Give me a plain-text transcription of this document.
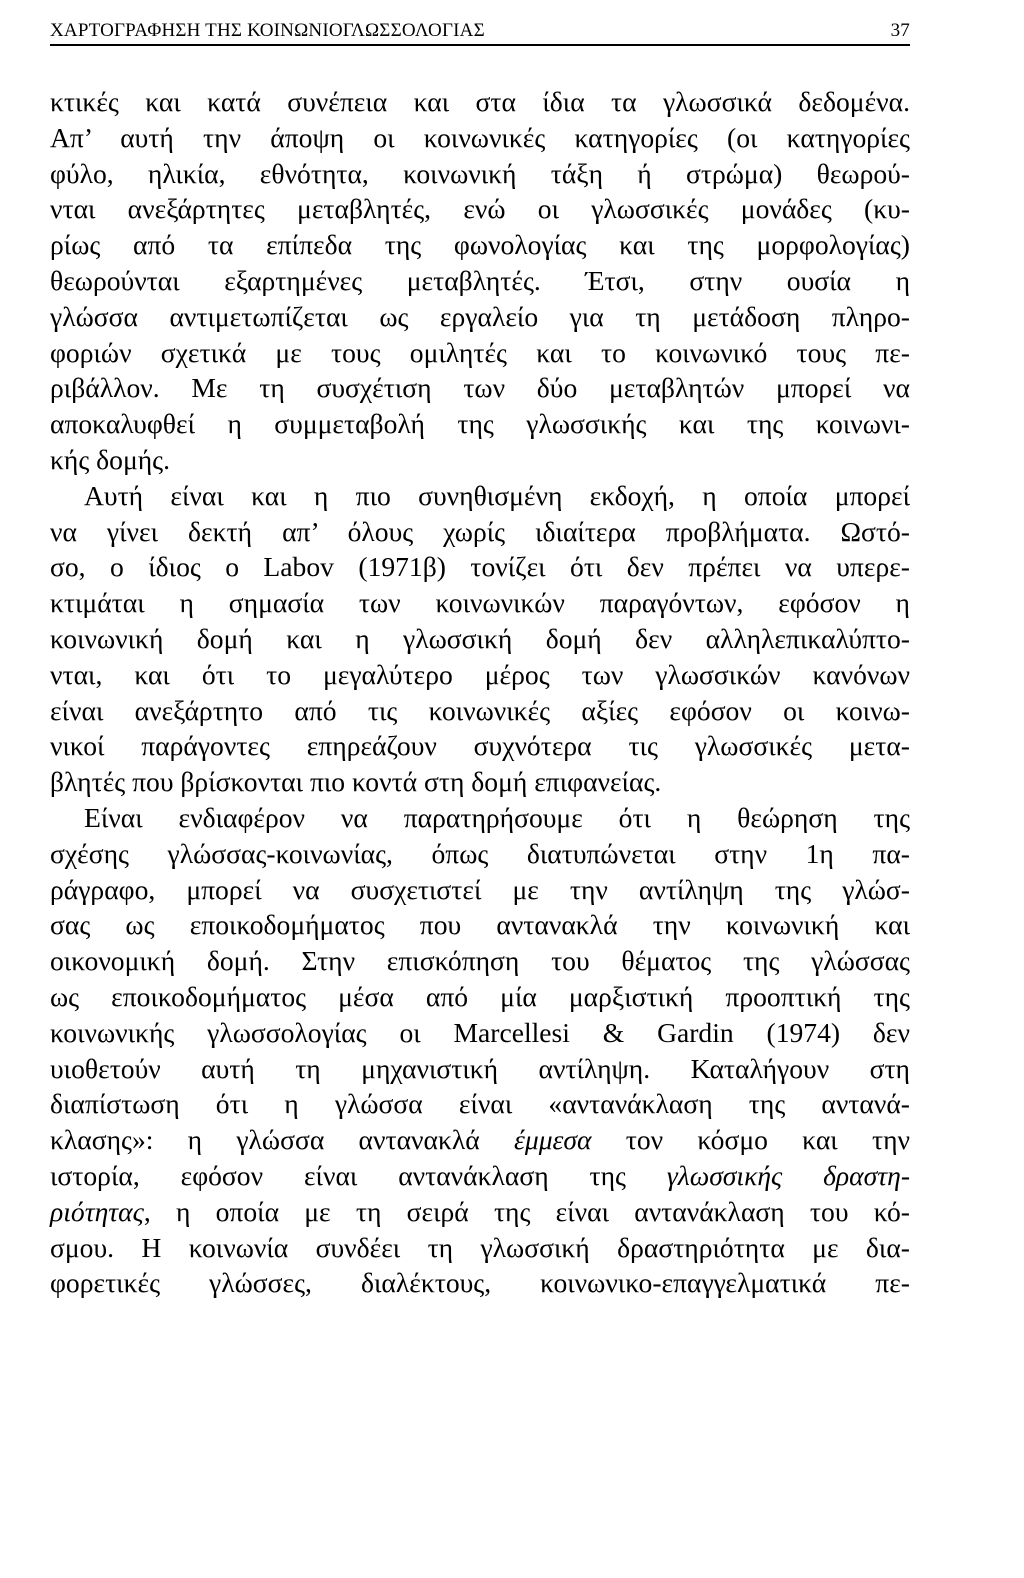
ΧΑΡΤΟΓΡΑΦΗΣΗ ΤΗΣ ΚΟΙΝΩΝΙΟΓΛΩΣΣΟΛΟΓΙΑΣ	37
κτικές και κατά συνέπεια και στα ίδια τα γλωσσικά δεδομένα.
Απ’ αυτή την άποψη οι κοινωνικές κατηγορίες (οι κατηγορίες
φύλο, ηλικία, εθνότητα, κοινωνική τάξη ή στρώμα) θεωρού-
νται ανεξάρτητες μεταβλητές, ενώ οι γλωσσικές μονάδες (κυ-
ρίως από τα επίπεδα της φωνολογίας και της μορφολογίας)
θεωρούνται εξαρτημένες μεταβλητές. Έτσι, στην ουσία η
γλώσσα αντιμετωπίζεται ως εργαλείο για τη μετάδοση πληρο-
φοριών σχετικά με τους ομιλητές και το κοινωνικό τους πε-
ριβάλλον. Με τη συσχέτιση των δύο μεταβλητών μπορεί να
αποκαλυφθεί η συμμεταβολή της γλωσσικής και της κοινωνι-
κής δομής.
Αυτή είναι και η πιο συνηθισμένη εκδοχή, η οποία μπορεί
να γίνει δεκτή απ’ όλους χωρίς ιδιαίτερα προβλήματα. Ωστό-
σο, ο ίδιος ο Labov (1971β) τονίζει ότι δεν πρέπει να υπερε-
κτιμάται η σημασία των κοινωνικών παραγόντων, εφόσον η
κοινωνική δομή και η γλωσσική δομή δεν αλληλεπικαλύπτο-
νται, και ότι το μεγαλύτερο μέρος των γλωσσικών κανόνων
είναι ανεξάρτητο από τις κοινωνικές αξίες εφόσον οι κοινω-
νικοί παράγοντες επηρεάζουν συχνότερα τις γλωσσικές μετα-
βλητές που βρίσκονται πιο κοντά στη δομή επιφανείας.
Είναι ενδιαφέρον να παρατηρήσουμε ότι η θεώρηση της
σχέσης γλώσσας-κοινωνίας, όπως διατυπώνεται στην 1η πα-
ράγραφο, μπορεί να συσχετιστεί με την αντίληψη της γλώσ-
σας ως εποικοδομήματος που αντανακλά την κοινωνική και
οικονομική δομή. Στην επισκόπηση του θέματος της γλώσσας
ως εποικοδομήματος μέσα από μία μαρξιστική προοπτική της
κοινωνικής γλωσσολογίας οι Marcellesi & Gardin (1974) δεν
υιοθετούν αυτή τη μηχανιστική αντίληψη. Καταλήγουν στη
διαπίστωση ότι η γλώσσα είναι «αντανάκλαση της αντανά-
κλασης»: η γλώσσα αντανακλά έμμεσα τον κόσμο και την
ιστορία, εφόσον είναι αντανάκλαση της γλωσσικής δραστη-
ριότητας, η οποία με τη σειρά της είναι αντανάκλαση του κό-
σμου. Η κοινωνία συνδέει τη γλωσσική δραστηριότητα με δια-
φορετικές γλώσσες, διαλέκτους, κοινωνικο-επαγγελματικά πε-
